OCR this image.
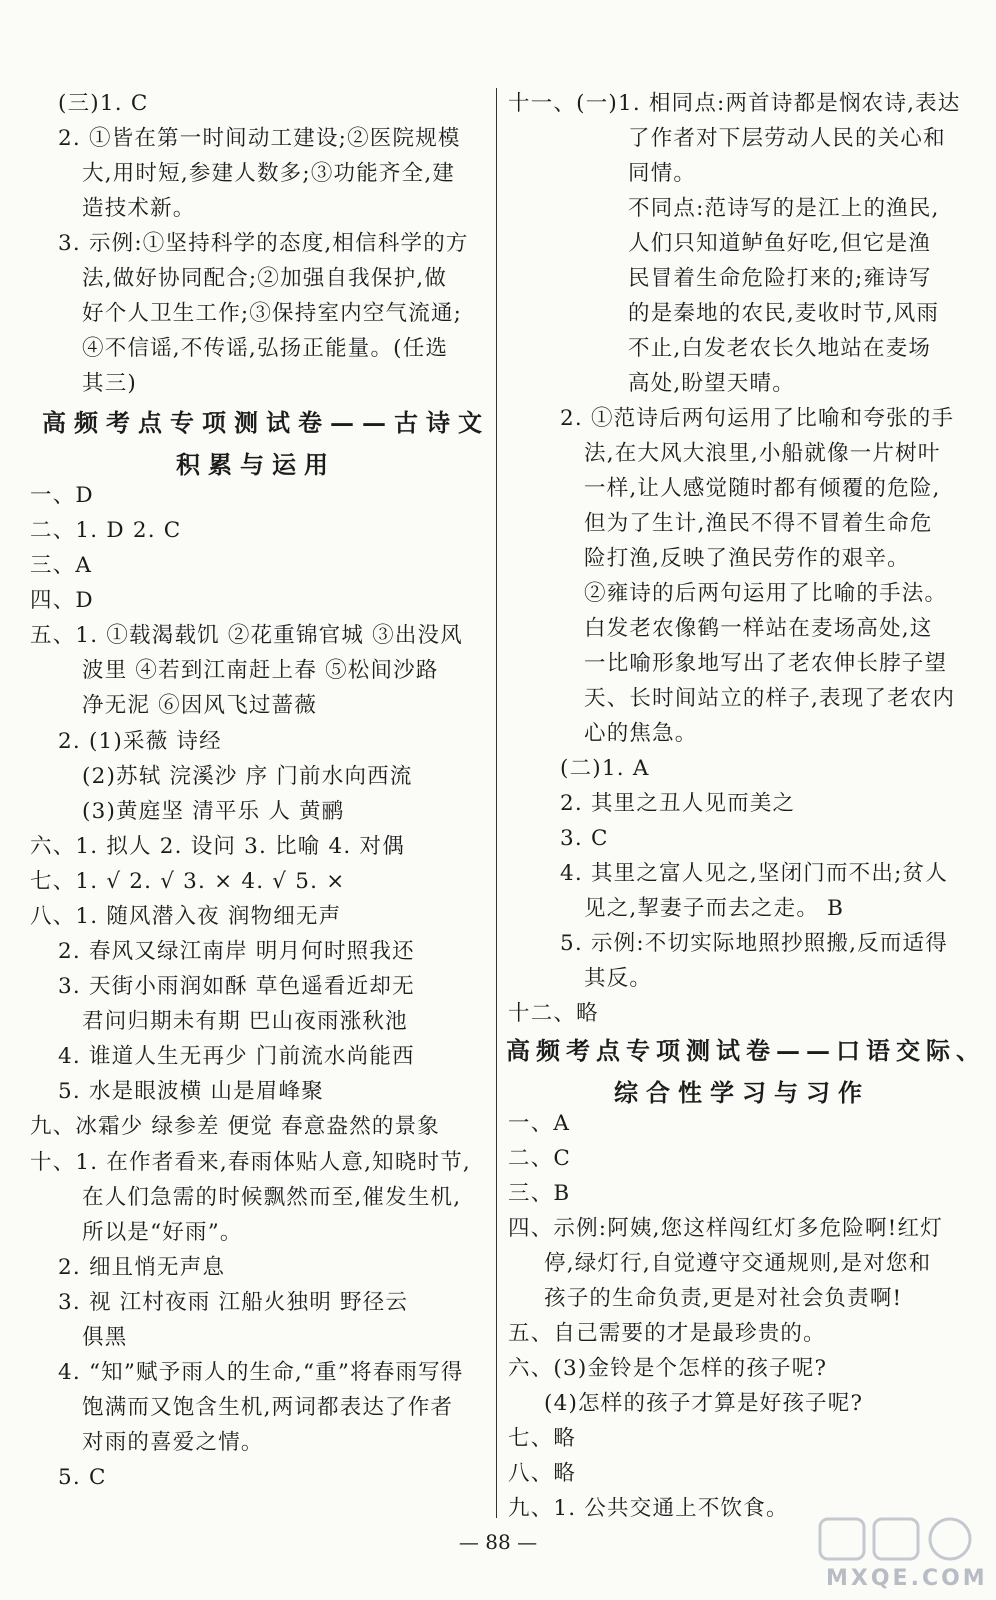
(三)1. C
2. ①皆在第一时间动工建设;②医院规模
大,用时短,参建人数多;③功能齐全,建
造技术新。
3. 示例:①坚持科学的态度,相信科学的方
法,做好协同配合;②加强自我保护,做
好个人卫生工作;③保持室内空气流通;
④不信谣,不传谣,弘扬正能量。(任选
其三)
高频考点专项测试卷——古诗文
积累与运用
一、D
二、1. D 2. C
三、A
四、D
五、1. ①载渴载饥 ②花重锦官城 ③出没风
波里 ④若到江南赶上春 ⑤松间沙路
净无泥 ⑥因风飞过蔷薇
2. (1)采薇 诗经
(2)苏轼 浣溪沙 序 门前水向西流
(3)黄庭坚 清平乐 人 黄鹂
六、1. 拟人 2. 设问 3. 比喻 4. 对偶
七、1. √ 2. √ 3. × 4. √ 5. ×
八、1. 随风潜入夜 润物细无声
2. 春风又绿江南岸 明月何时照我还
3. 天街小雨润如酥 草色遥看近却无
君问归期未有期 巴山夜雨涨秋池
4. 谁道人生无再少 门前流水尚能西
5. 水是眼波横 山是眉峰聚
九、冰霜少 绿参差 便觉 春意盎然的景象
十、1. 在作者看来,春雨体贴人意,知晓时节,
在人们急需的时候飘然而至,催发生机,
所以是“好雨”。
2. 细且悄无声息
3. 视 江村夜雨 江船火独明 野径云
俱黑
4. “知”赋予雨人的生命,“重”将春雨写得
饱满而又饱含生机,两词都表达了作者
对雨的喜爱之情。
5. C
十一、(一)1. 相同点:两首诗都是悯农诗,表达
了作者对下层劳动人民的关心和
同情。
不同点:范诗写的是江上的渔民,
人们只知道鲈鱼好吃,但它是渔
民冒着生命危险打来的;雍诗写
的是秦地的农民,麦收时节,风雨
不止,白发老农长久地站在麦场
高处,盼望天晴。
2. ①范诗后两句运用了比喻和夸张的手
法,在大风大浪里,小船就像一片树叶
一样,让人感觉随时都有倾覆的危险,
但为了生计,渔民不得不冒着生命危
险打渔,反映了渔民劳作的艰辛。
②雍诗的后两句运用了比喻的手法。
白发老农像鹤一样站在麦场高处,这
一比喻形象地写出了老农伸长脖子望
天、长时间站立的样子,表现了老农内
心的焦急。
(二)1. A
2. 其里之丑人见而美之
3. C
4. 其里之富人见之,坚闭门而不出;贫人
见之,挈妻子而去之走。 B
5. 示例:不切实际地照抄照搬,反而适得
其反。
十二、略
高频考点专项测试卷——口语交际、
综合性学习与习作
一、A
二、C
三、B
四、示例:阿姨,您这样闯红灯多危险啊!红灯
停,绿灯行,自觉遵守交通规则,是对您和
孩子的生命负责,更是对社会负责啊!
五、自己需要的才是最珍贵的。
六、(3)金铃是个怎样的孩子呢?
(4)怎样的孩子才算是好孩子呢?
七、略
八、略
九、1. 公共交通上不饮食。
— 88 —
MXQE.COM
